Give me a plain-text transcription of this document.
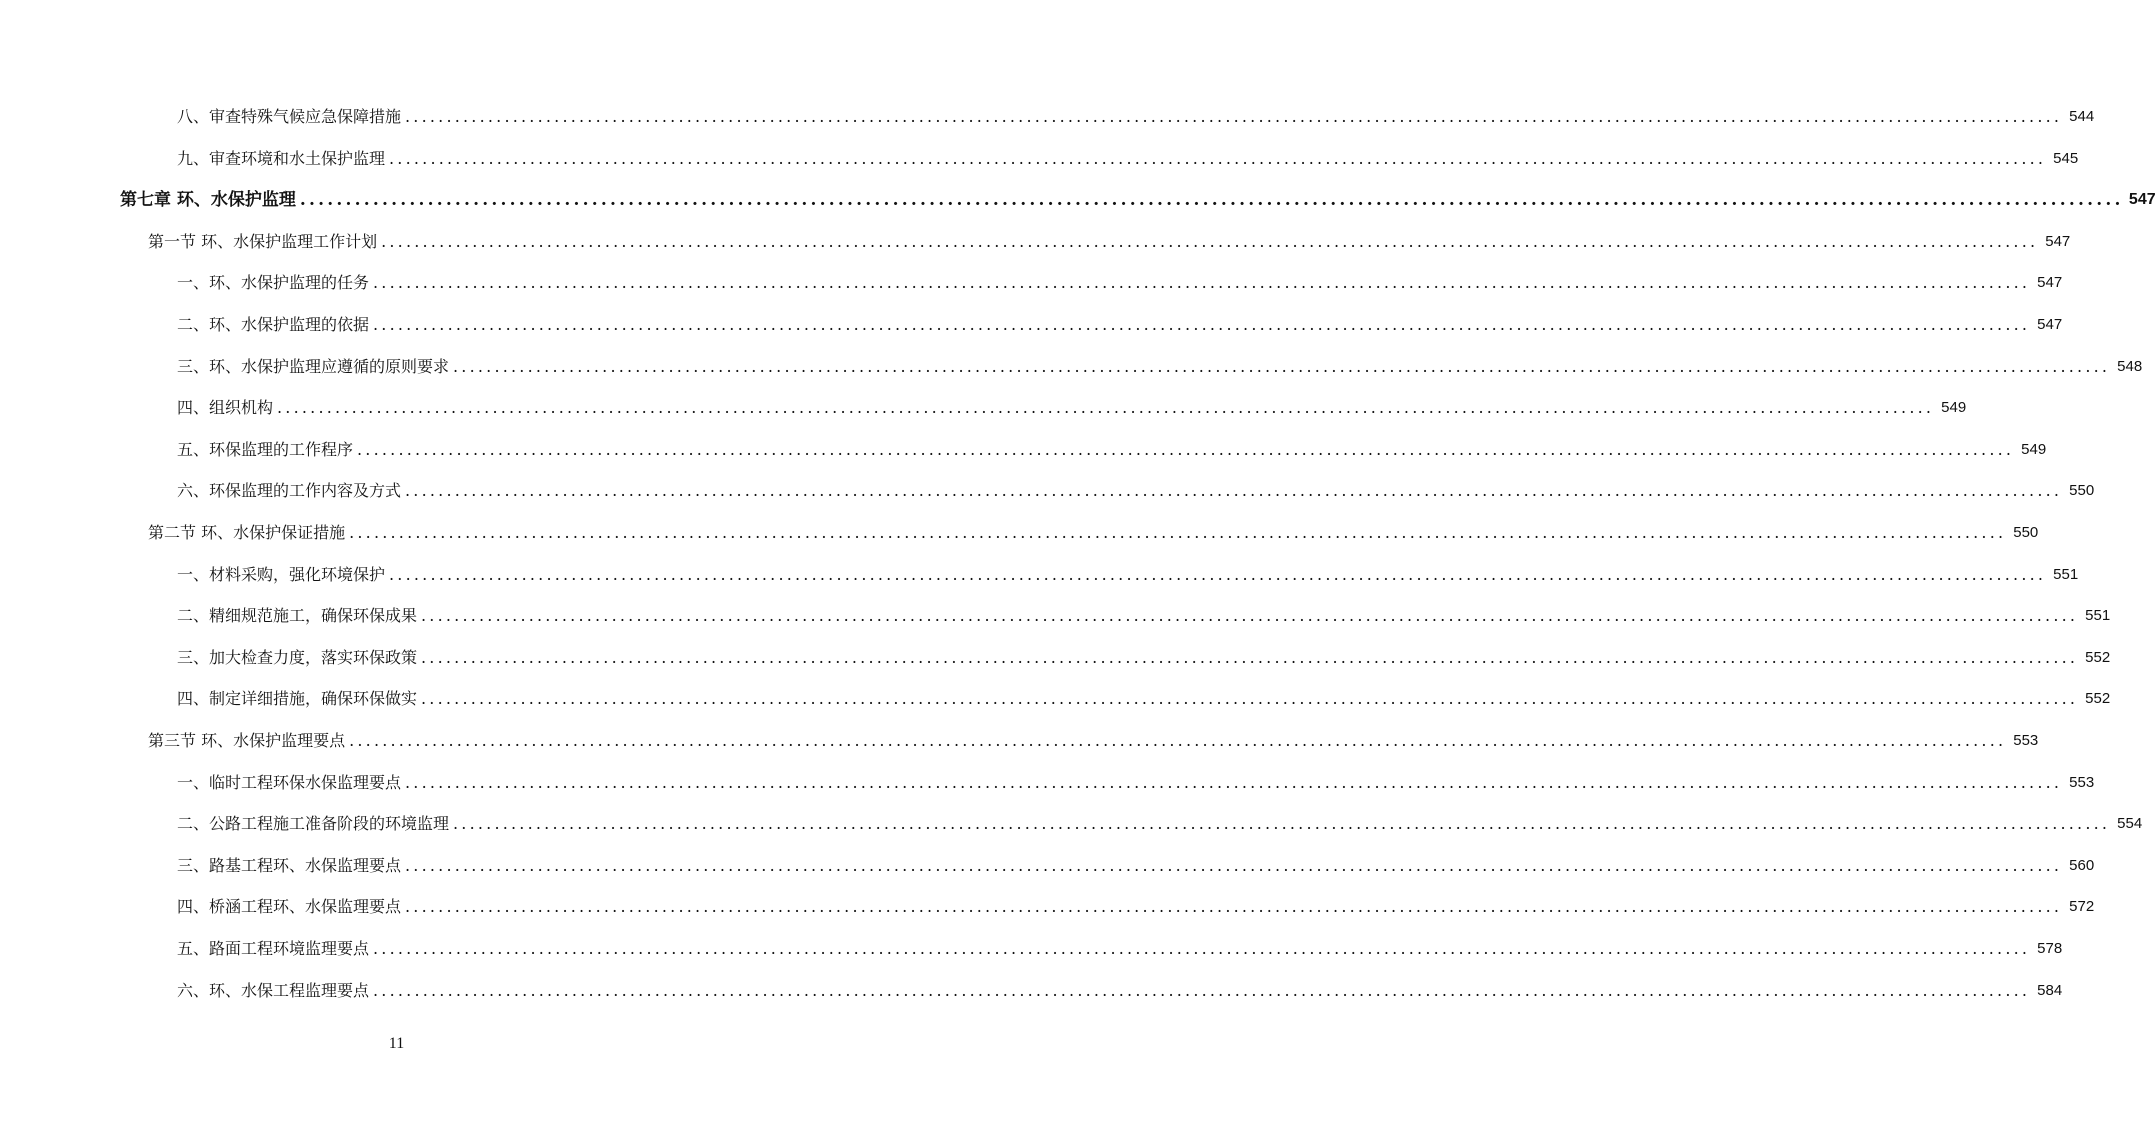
八、审查特殊气候应急保障措施 ........................................................................................................................................................................................................ 544
九、审查环境和水土保护监理 ........................................................................................................................................................................................................ 545
第七章 环、水保护监理 ........................................................................................................................................................................................................ 547
第一节 环、水保护监理工作计划 ........................................................................................................................................................................................................ 547
一、环、水保护监理的任务 ........................................................................................................................................................................................................ 547
二、环、水保护监理的依据 ........................................................................................................................................................................................................ 547
三、环、水保护监理应遵循的原则要求 ........................................................................................................................................................................................................ 548
四、组织机构 ........................................................................................................................................................................................................ 549
五、环保监理的工作程序 ........................................................................................................................................................................................................ 549
六、环保监理的工作内容及方式 ........................................................................................................................................................................................................ 550
第二节 环、水保护保证措施 ........................................................................................................................................................................................................ 550
一、材料采购，强化环境保护 ........................................................................................................................................................................................................ 551
二、精细规范施工，确保环保成果 ........................................................................................................................................................................................................ 551
三、加大检查力度，落实环保政策 ........................................................................................................................................................................................................ 552
四、制定详细措施，确保环保做实 ........................................................................................................................................................................................................ 552
第三节 环、水保护监理要点 ........................................................................................................................................................................................................ 553
一、临时工程环保水保监理要点 ........................................................................................................................................................................................................ 553
二、公路工程施工准备阶段的环境监理 ........................................................................................................................................................................................................ 554
三、路基工程环、水保监理要点 ........................................................................................................................................................................................................ 560
四、桥涵工程环、水保监理要点 ........................................................................................................................................................................................................ 572
五、路面工程环境监理要点 ........................................................................................................................................................................................................ 578
六、环、水保工程监理要点 ........................................................................................................................................................................................................ 584
11
